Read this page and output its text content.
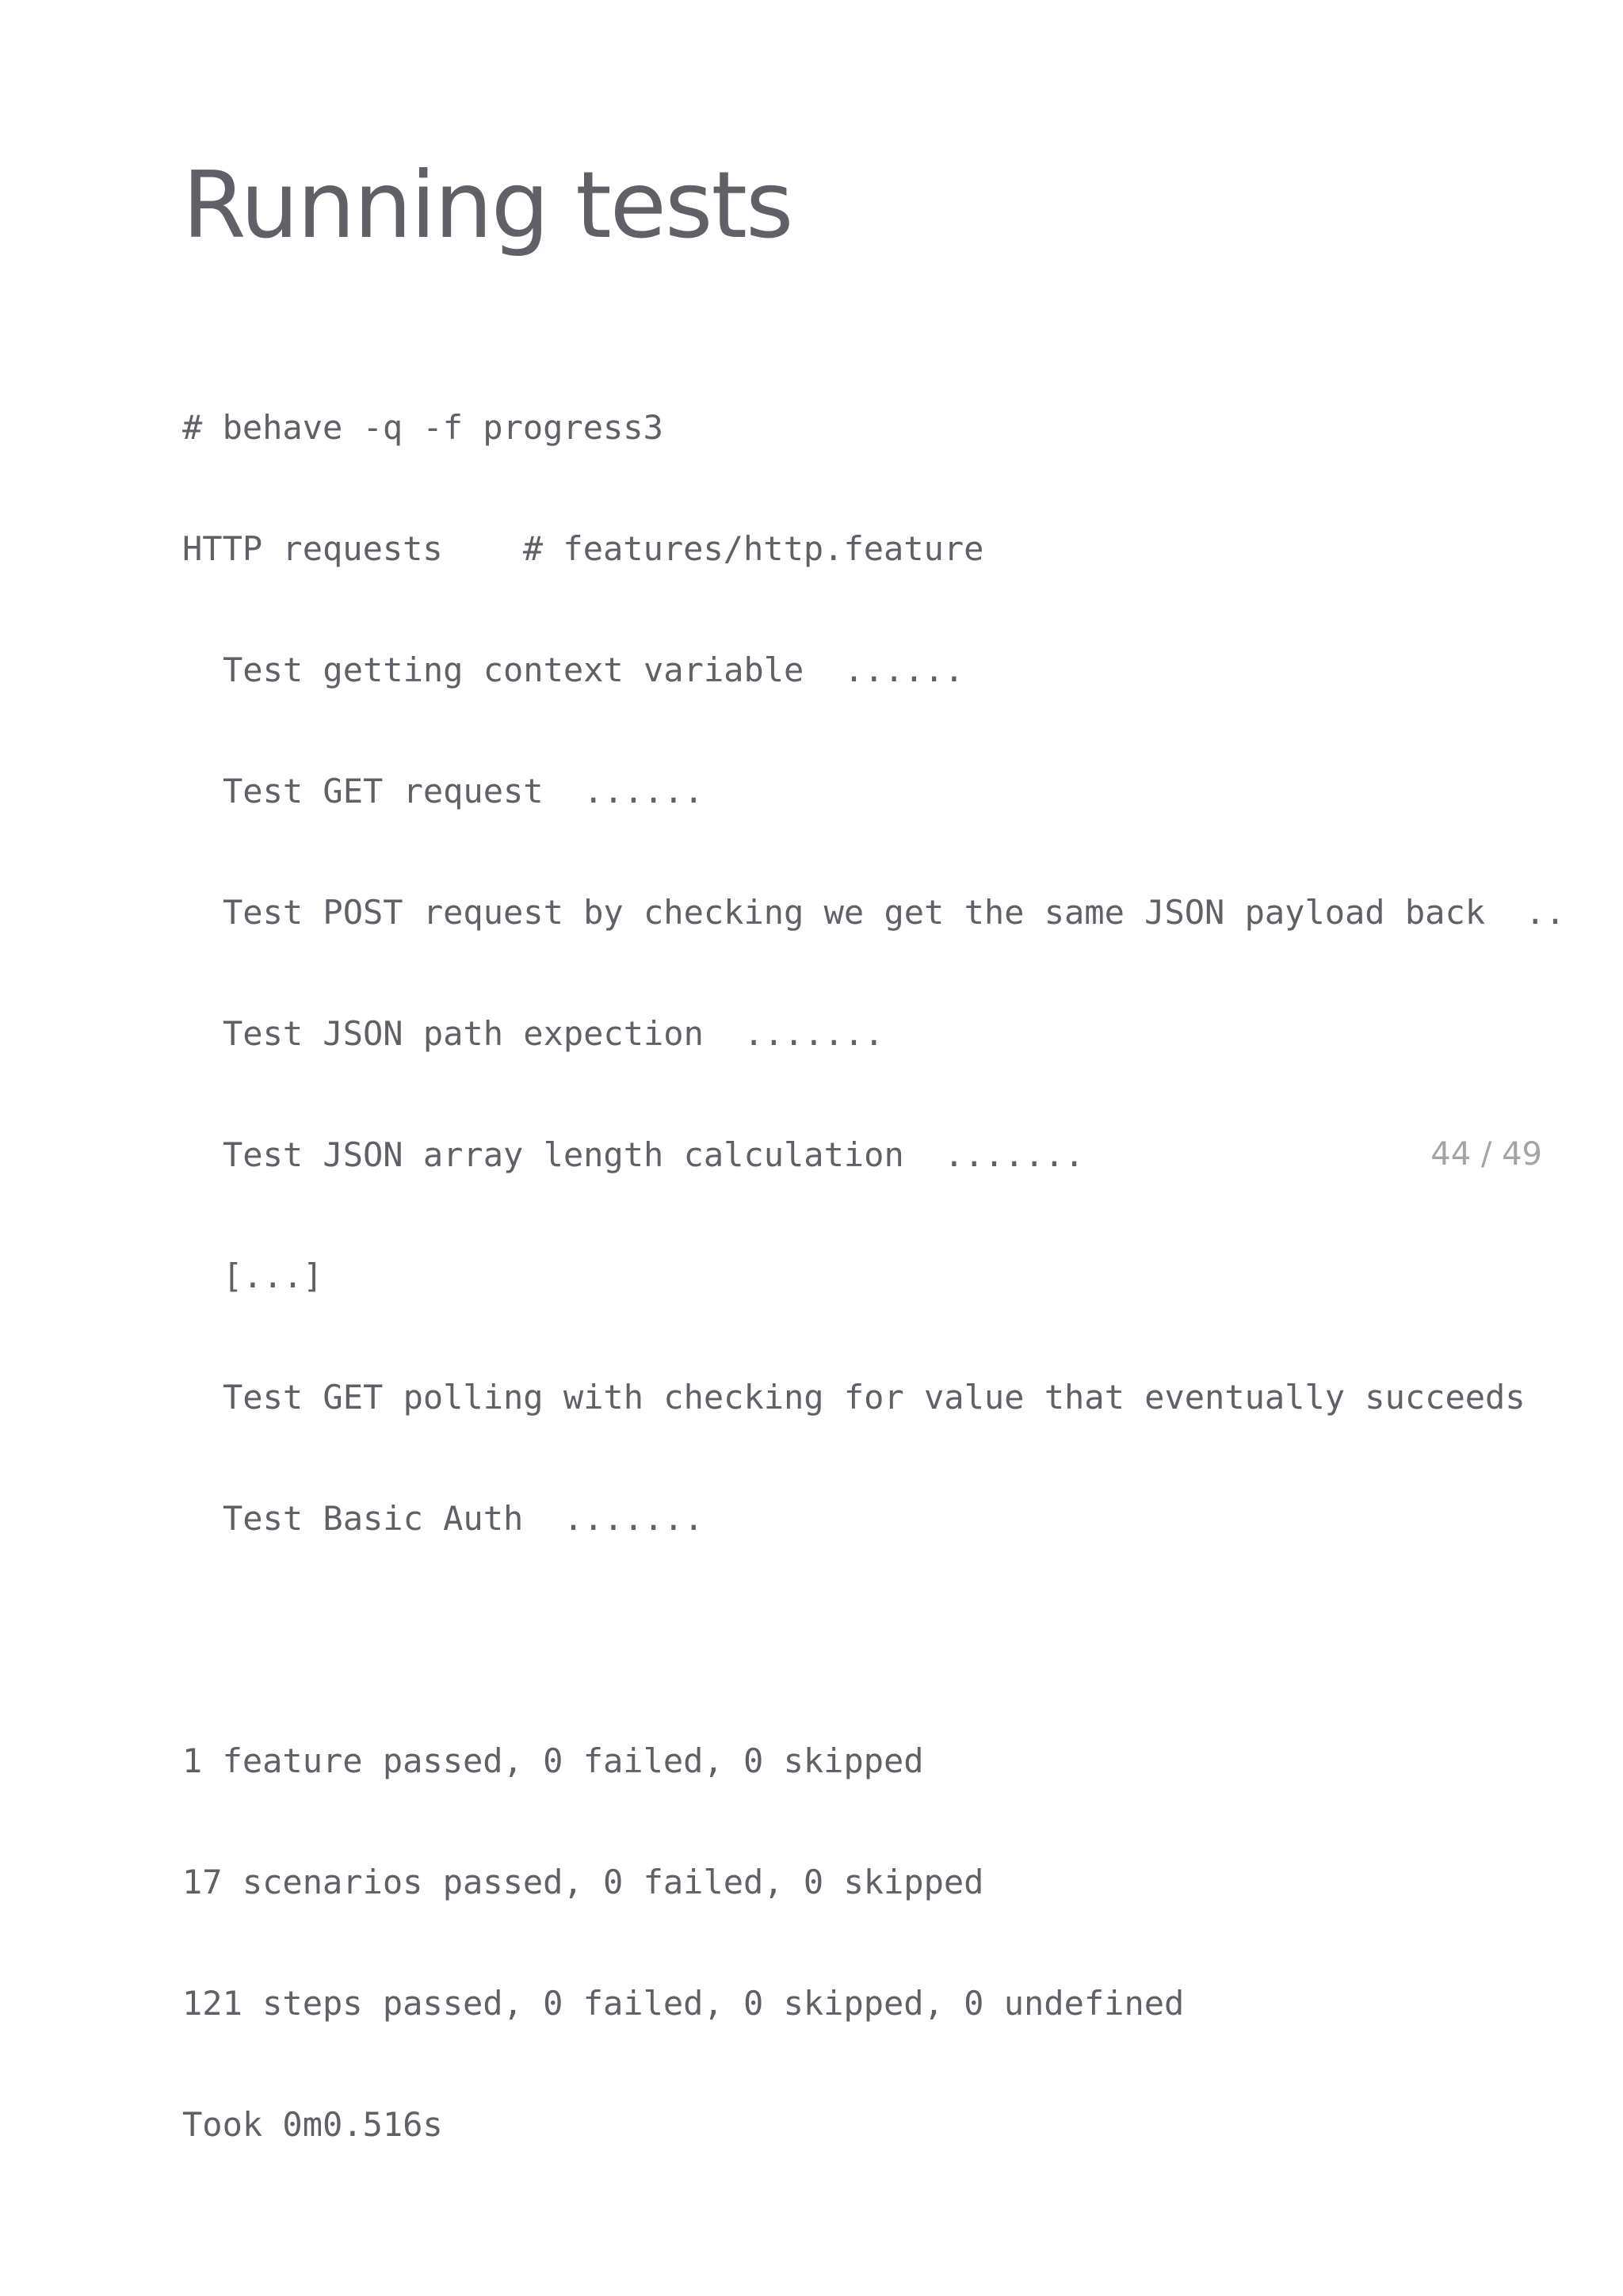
Running tests

# behave -q -f progress3

HTTP requests    # features/http.feature

Test getting context variable  ......

Test GET request  ......

Test POST request by checking we get the same JSON payload back  ..

Test JSON path expection  .......

Test JSON array length calculation  .......

[...]

Test GET polling with checking for value that eventually succeeds

Test Basic Auth  .......

1 feature passed, 0 failed, 0 skipped

17 scenarios passed, 0 failed, 0 skipped

121 steps passed, 0 failed, 0 skipped, 0 undefined

Took 0m0.516s

44 / 49
